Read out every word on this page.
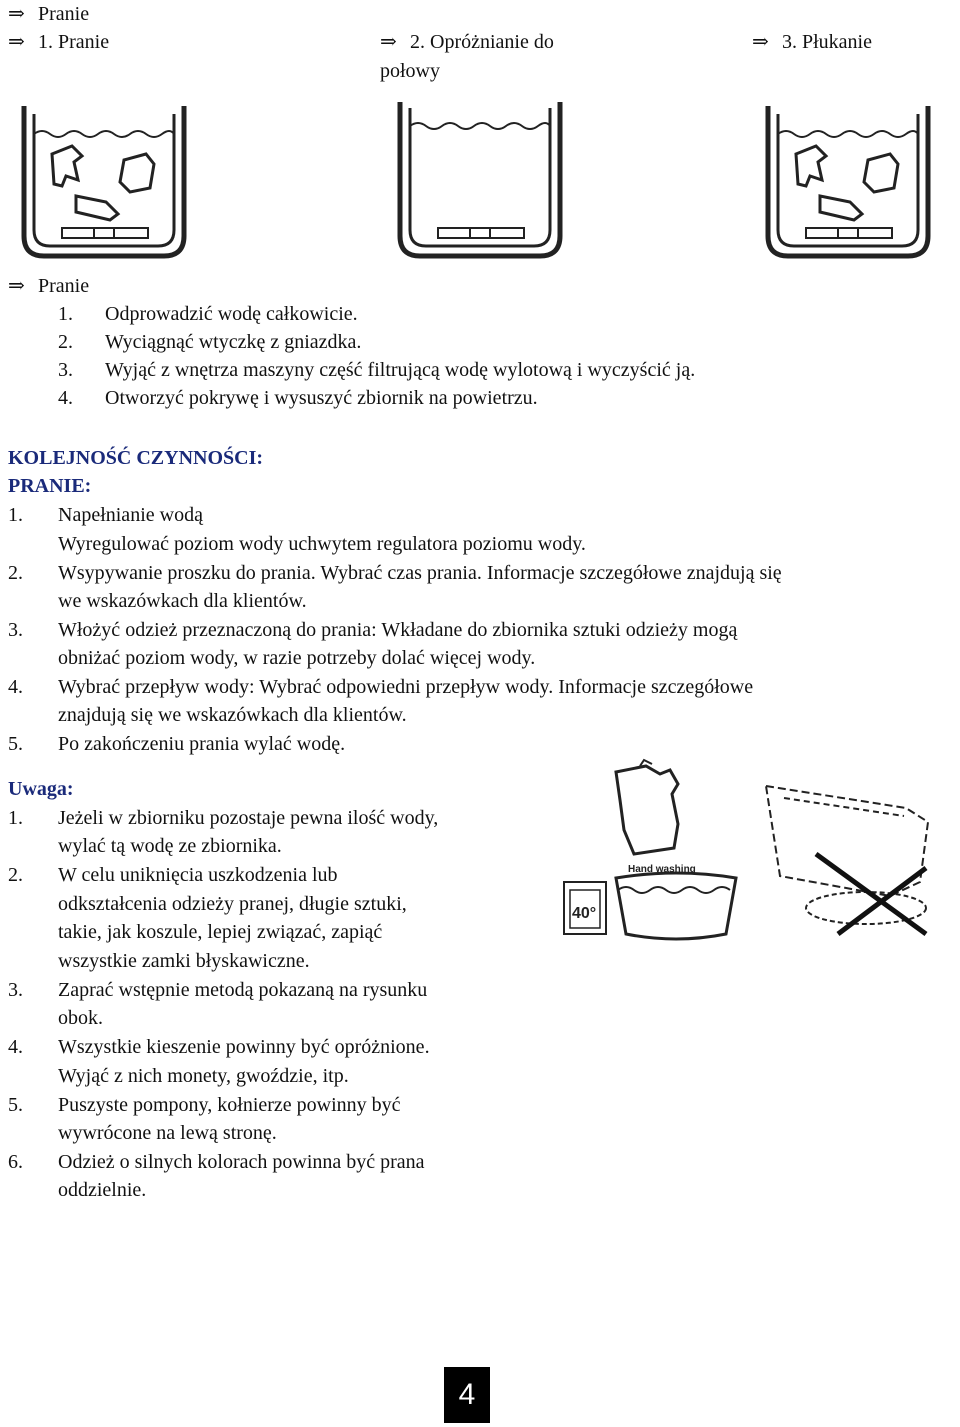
⇒ Pranie
⇒ 1. Pranie	⇒ 2. Opróżnianie do
połowy
⇒ 3. Płukanie
⇒ Pranie
1. Odprowadzić wodę całkowicie.
2. Wyciągnąć wtyczkę z gniazdka.
3. Wyjąć z wnętrza maszyny część filtrującą wodę wylotową i wyczyścić ją.
4. Otworzyć pokrywę i wysuszyć zbiornik na powietrzu.
KOLEJNOŚĆ CZYNNOŚCI:
PRANIE:
1. Napełnianie wodą
Wyregulować poziom wody uchwytem regulatora poziomu wody.
2. Wsypywanie proszku do prania. Wybrać czas prania. Informacje szczegółowe znajdują się
we wskazówkach dla klientów.
3. Włożyć odzież przeznaczoną do prania: Wkładane do zbiornika sztuki odzieży mogą
obniżać poziom wody, w razie potrzeby dolać więcej wody.
4. Wybrać przepływ wody: Wybrać odpowiedni przepływ wody. Informacje szczegółowe
znajdują się we wskazówkach dla klientów.
5. Po zakończeniu prania wylać wodę.
Uwaga:
1. Jeżeli w zbiorniku pozostaje pewna ilość wody,
wylać tą wodę ze zbiornika.
2. W celu uniknięcia uszkodzenia lub
odkształcenia odzieży pranej, długie sztuki,
takie, jak koszule, lepiej związać, zapiąć
wszystkie zamki błyskawiczne.
3. Zaprać wstępnie metodą pokazaną na rysunku
obok.
4. Wszystkie kieszenie powinny być opróżnione.
Wyjąć z nich monety, gwoździe, itp.
5. Puszyste pompony, kołnierze powinny być
wywrócone na lewą stronę.
6. Odzież o silnych kolorach powinna być prana
oddzielnie.
Hand washing
40°
4
